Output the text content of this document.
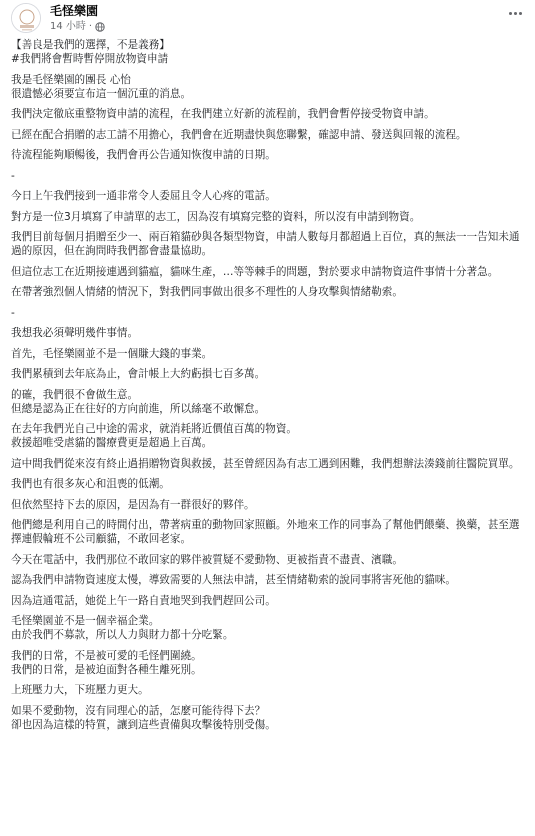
毛怪樂園
14 小時 ·
【善良是我們的選擇，不是義務】
#我們將會暫時暫停開放物資申請
我是毛怪樂園的團長 心怡
很遺憾必須要宣布這一個沉重的消息。
我們決定徹底重整物資申請的流程，在我們建立好新的流程前，我們會暫停接受物資申請。
已經在配合捐贈的志工請不用擔心，我們會在近期盡快與您聯繫，確認申請、發送與回報的流程。
待流程能夠順暢後，我們會再公告通知恢復申請的日期。
-
今日上午我們接到一通非常令人委屈且令人心疼的電話。
對方是一位3月填寫了申請單的志工，因為沒有填寫完整的資料，所以沒有申請到物資。
我們目前每個月捐贈至少一、兩百箱貓砂與各類型物資，申請人數每月都超過上百位，真的無法一一告知未通過的原因，但在詢問時我們都會盡量協助。
但這位志工在近期接連遇到貓瘟，貓咪生產，…等等棘手的問題，對於要求申請物資這件事情十分著急。
在帶著強烈個人情緒的情況下，對我們同事做出很多不理性的人身攻擊與情緒勒索。
-
我想我必須聲明幾件事情。
首先，毛怪樂園並不是一個賺大錢的事業。
我們累積到去年底為止，會計帳上大約虧損七百多萬。
的確，我們很不會做生意。
但總是認為正在往好的方向前進，所以絲毫不敢懈怠。
在去年我們光自己中途的需求，就消耗將近價值百萬的物資。
救援超唯受虐貓的醫療費更是超過上百萬。
這中間我們從來沒有終止過捐贈物資與救援，甚至曾經因為有志工遇到困難，我們想辦法湊錢前往醫院買單。
我們也有很多灰心和沮喪的低潮。
但依然堅持下去的原因，是因為有一群很好的夥伴。
他們總是利用自己的時間付出，帶著病重的動物回家照顧。外地來工作的同事為了幫他們餵藥、換藥，甚至選擇連假輪班不公司顧貓，不敢回老家。
今天在電話中，我們那位不敢回家的夥伴被質疑不愛動物、更被指責不盡責、濱職。
認為我們申請物資速度太慢，導致需要的人無法申請，甚至情緒勒索的說同事將害死他的貓咪。
因為這通電話，她從上午一路自責地哭到我們趕回公司。
毛怪樂園並不是一個幸福企業。
由於我們不募款，所以人力與財力都十分吃緊。
我們的日常，不是被可愛的毛怪們圍繞。
我們的日常，是被迫面對各種生離死別。
上班壓力大，下班壓力更大。
如果不愛動物，沒有同理心的話，怎麼可能待得下去？
卻也因為這樣的特質，讓到這些責備與攻擊後特別受傷。
